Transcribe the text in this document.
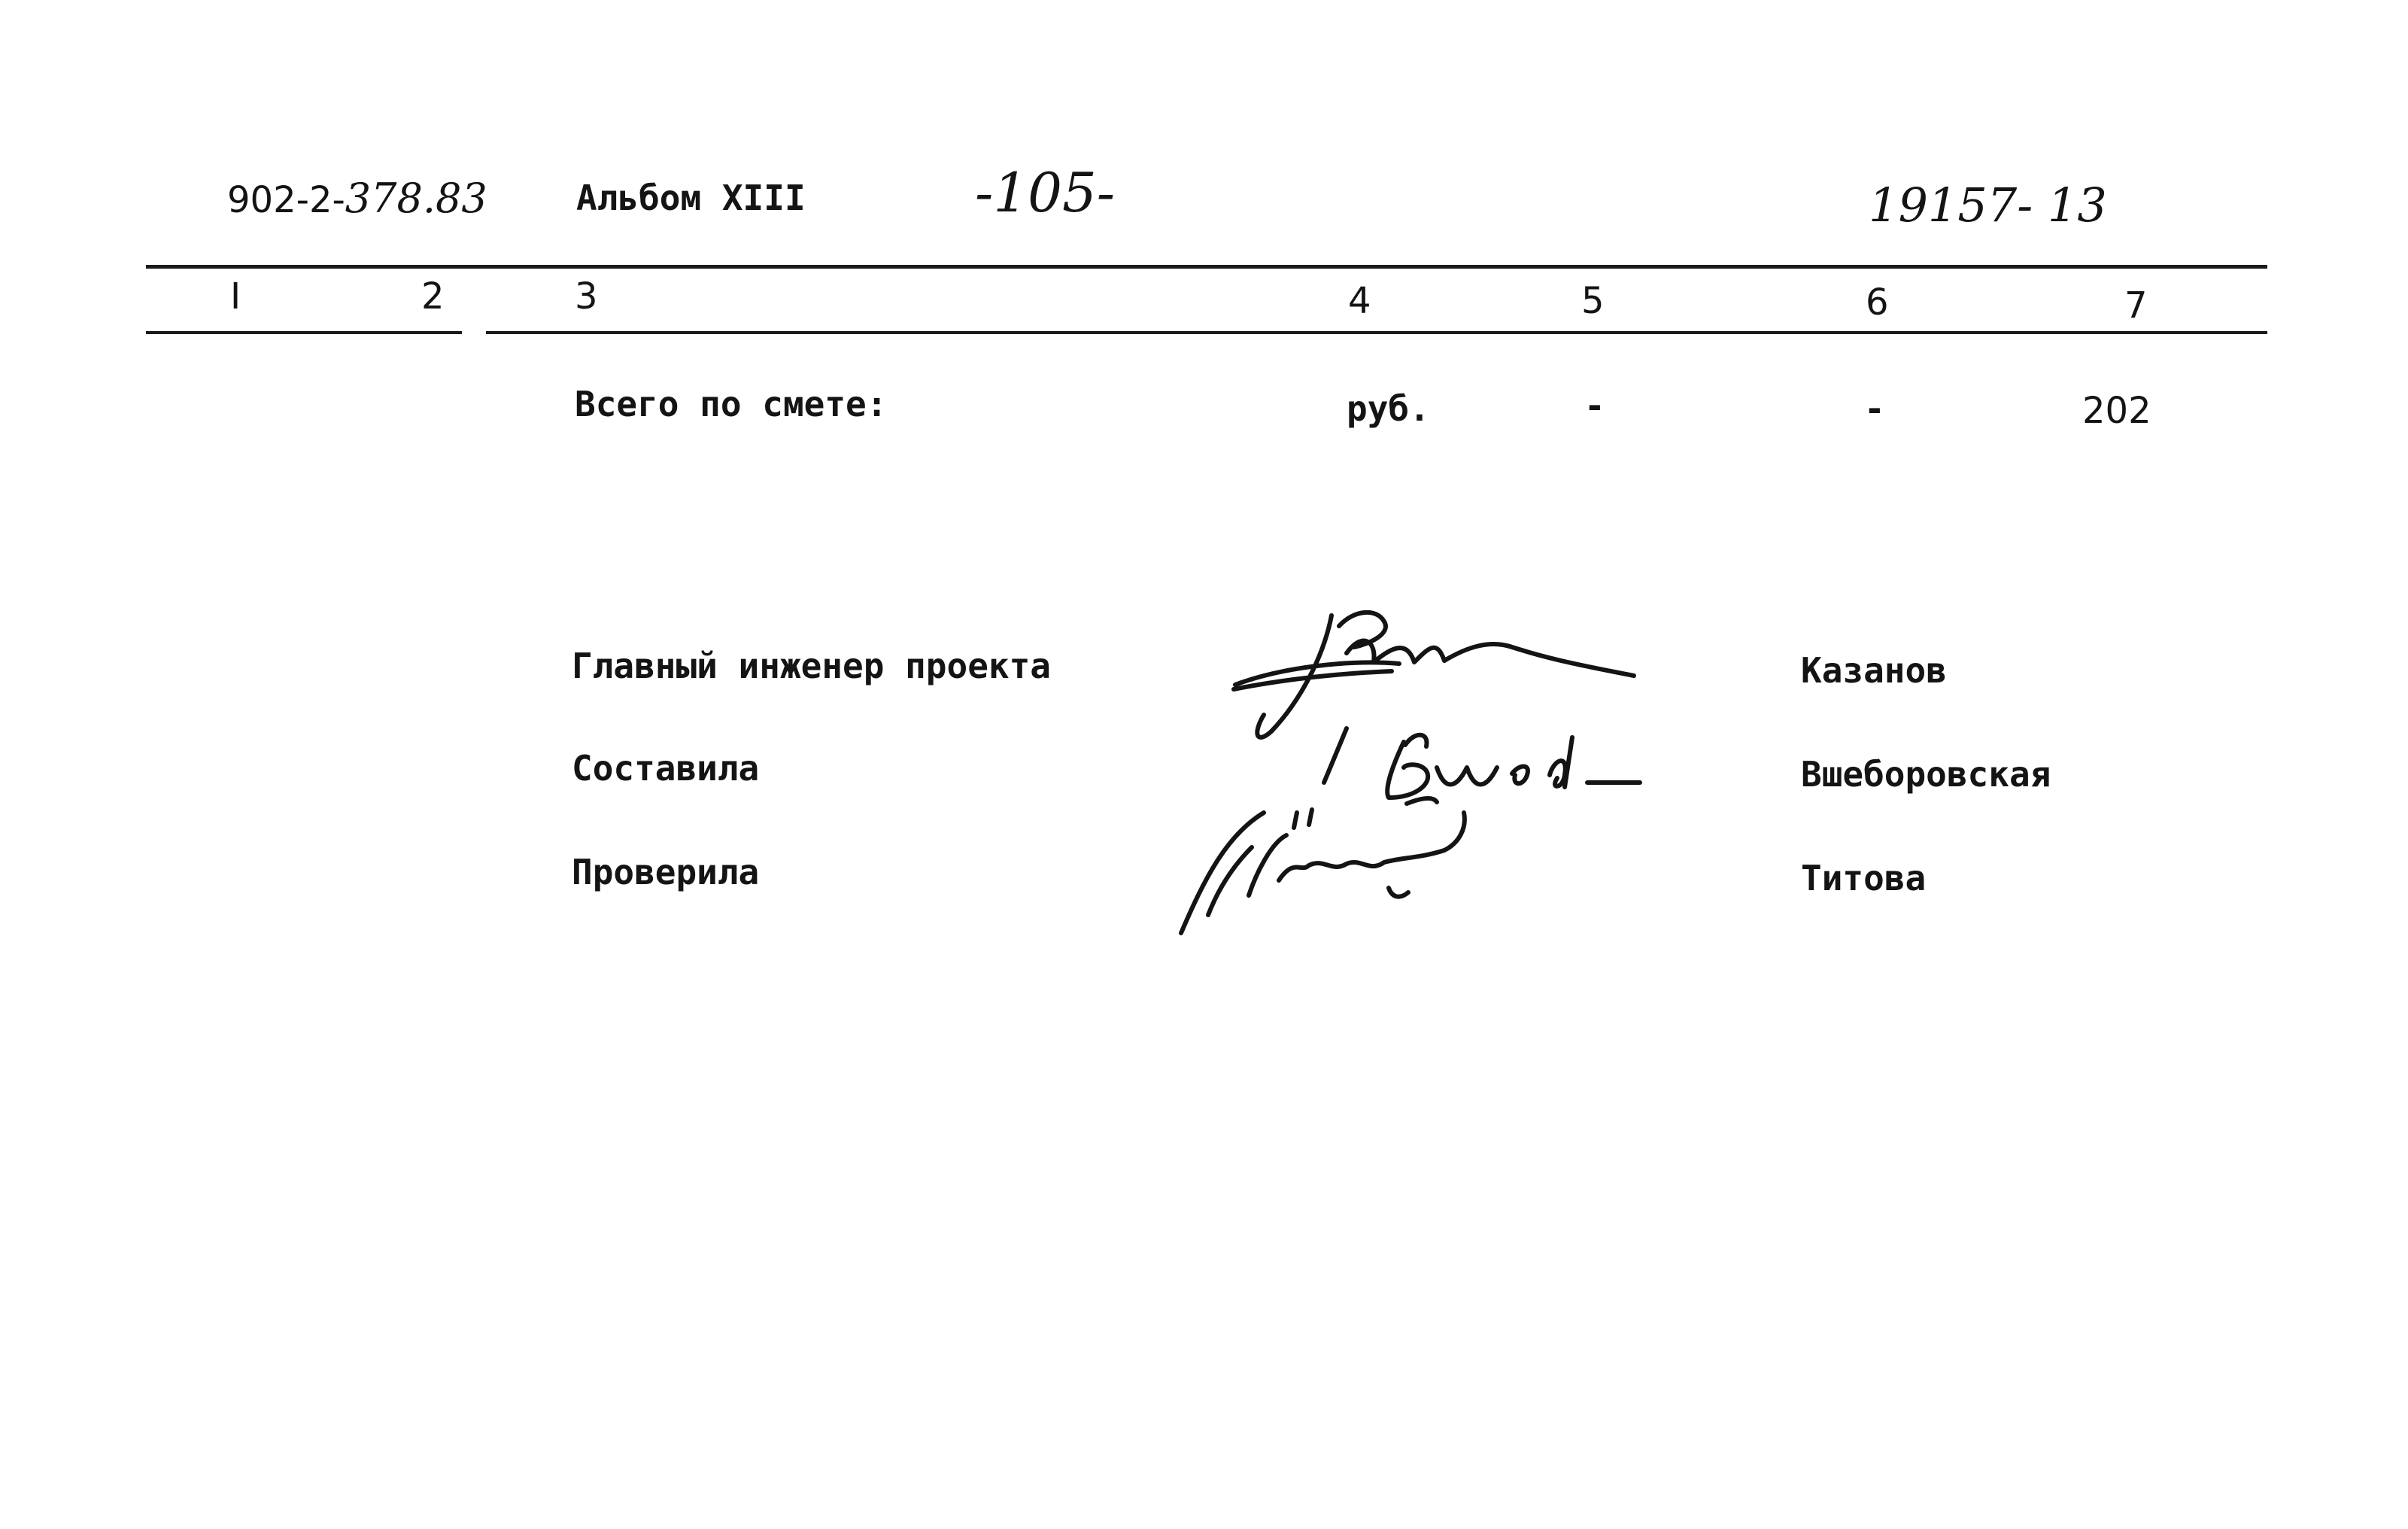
902-2-378.83	Альбом XIII	-105-	19157- 13
I	2	3	4	5	6	7
Всего по смете:	руб.	-	-	202
Главный инженер проекта	Казанов
Составила	Вшеборовская
Проверила	Титова
